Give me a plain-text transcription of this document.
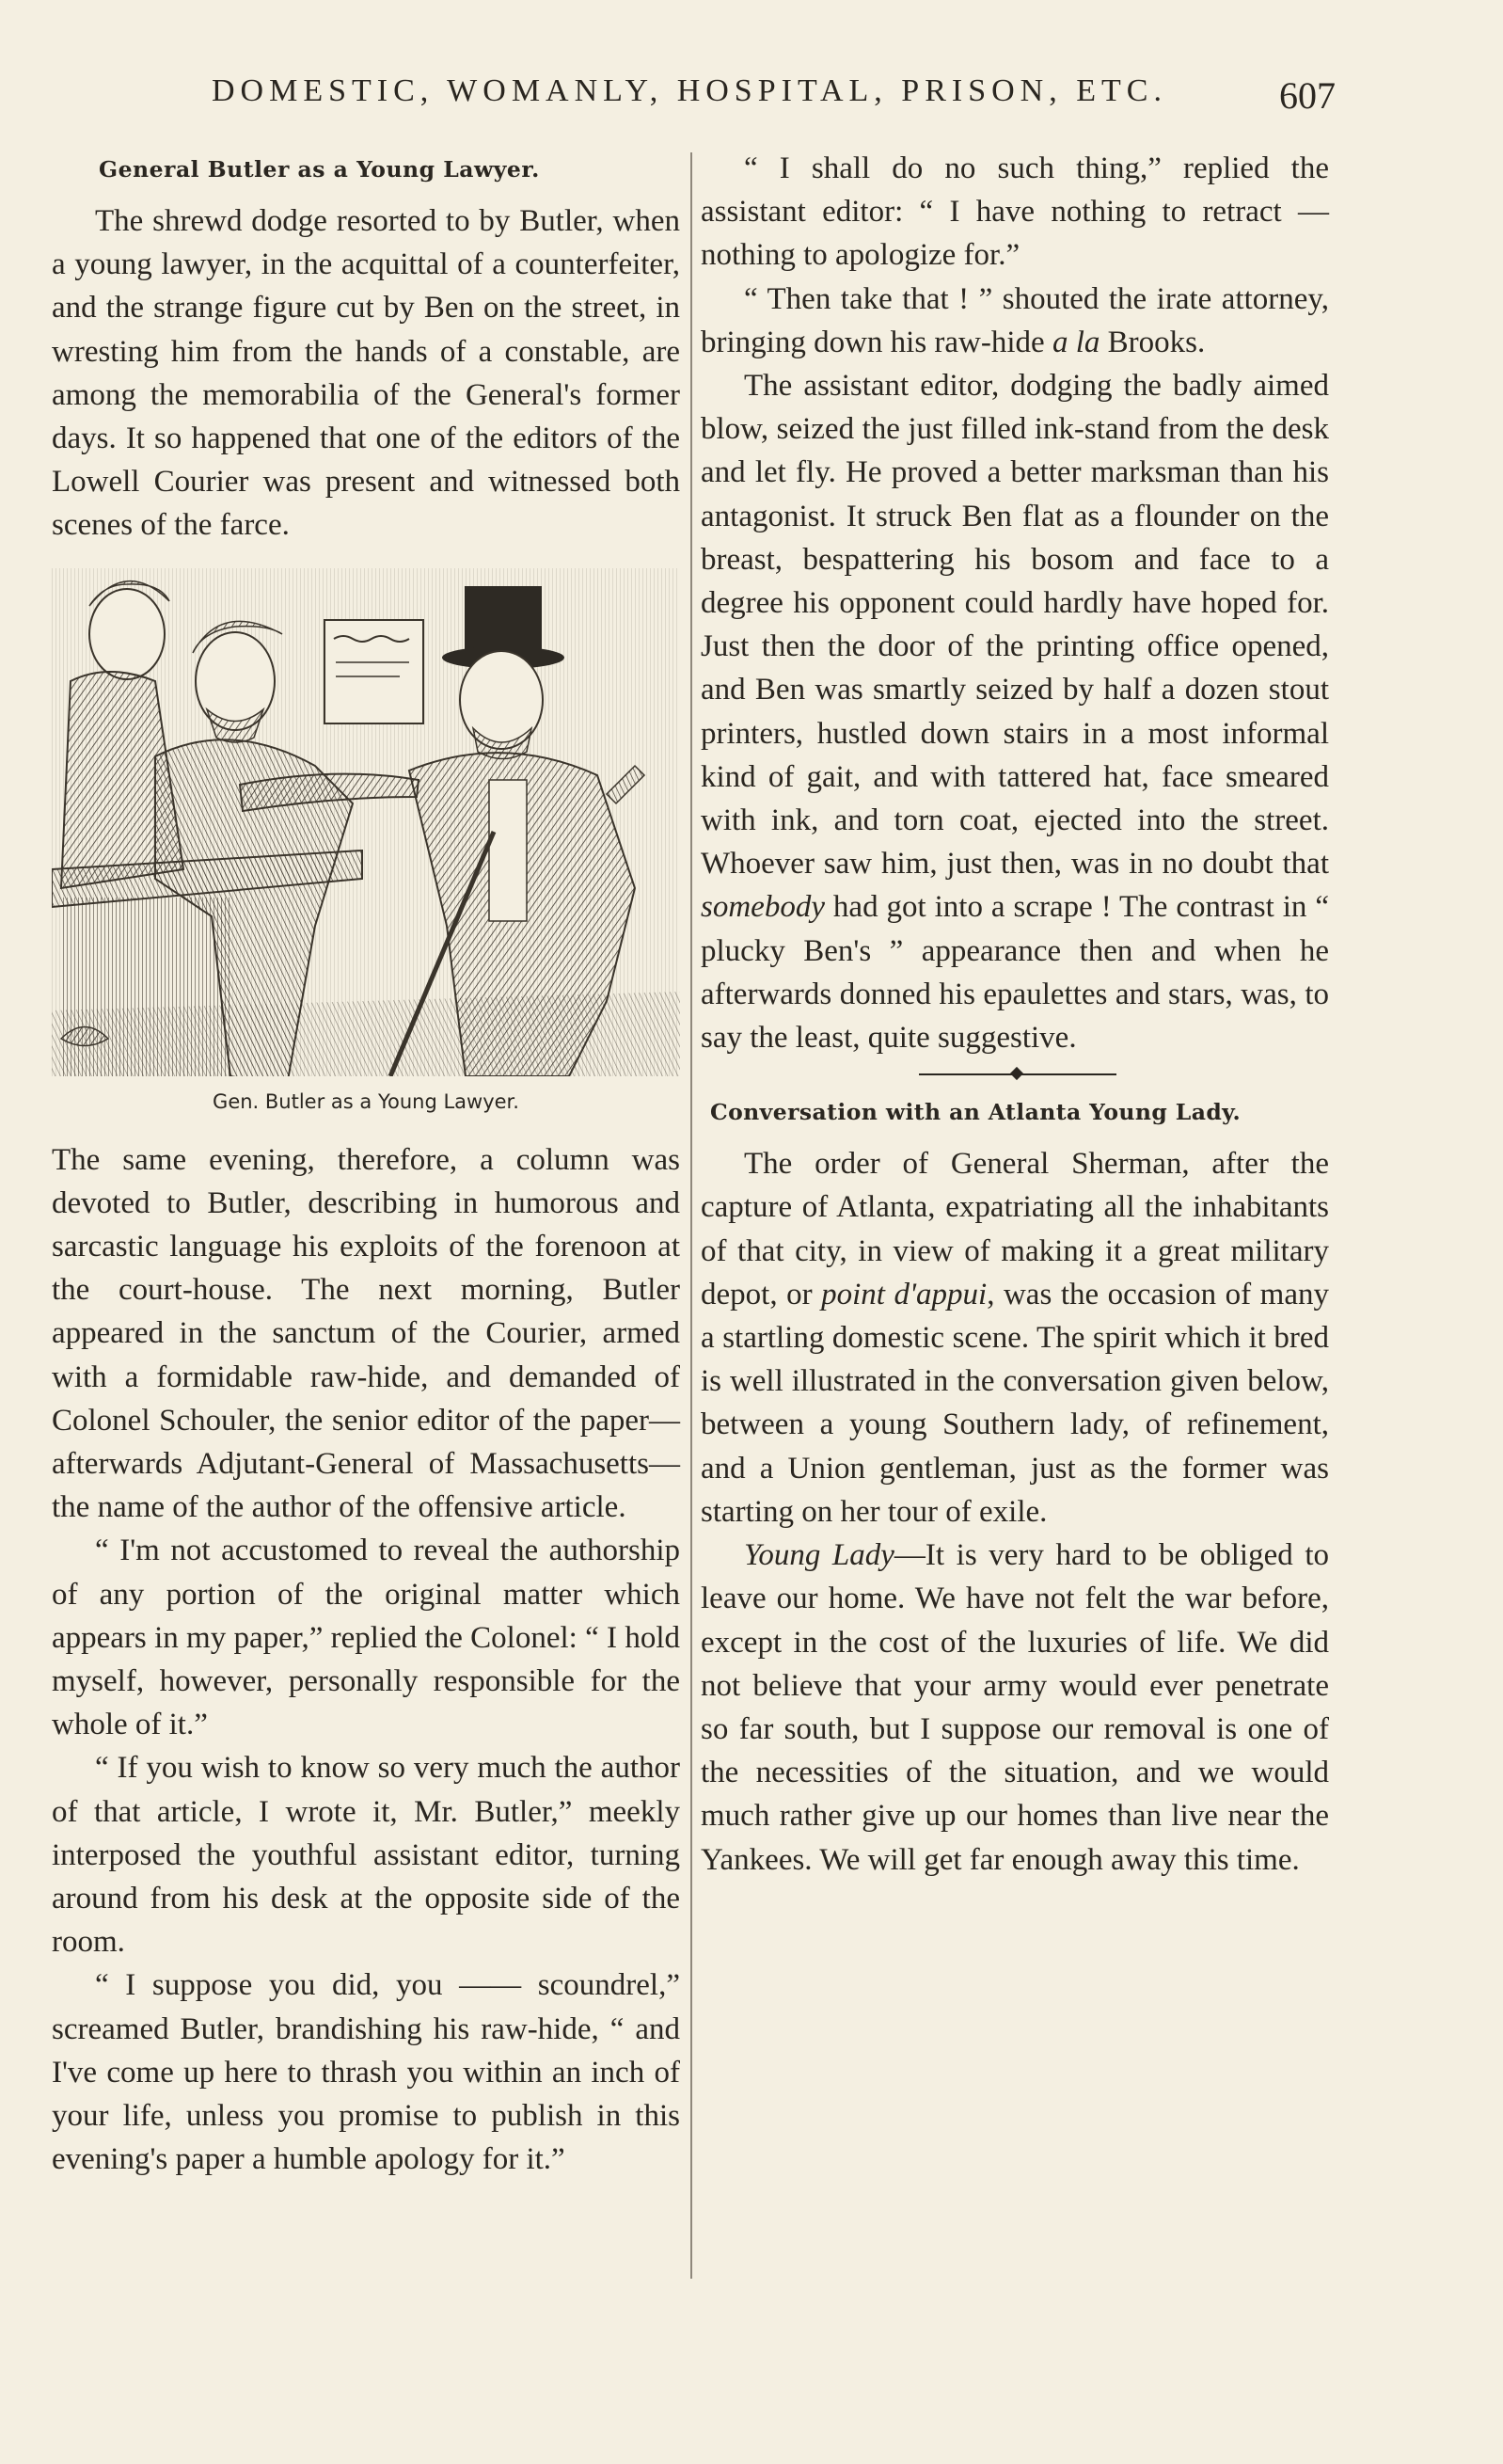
DOMESTIC, WOMANLY, HOSPITAL, PRISON, ETC.	607
General Butler as a Young Lawyer.

The shrewd dodge resorted to by Butler, when a young lawyer, in the acquittal of a counterfeiter, and the strange figure cut by Ben on the street, in wresting him from the hands of a constable, are among the memorabilia of the General's former days. It so happened that one of the editors of the Lowell Courier was present and witnessed both scenes of the farce.

Gen. Butler as a Young Lawyer.

The same evening, therefore, a column was devoted to Butler, describing in humorous and sarcastic language his exploits of the forenoon at the court-house. The next morning, Butler appeared in the sanctum of the Courier, armed with a formidable raw-hide, and demanded of Colonel Schouler, the senior editor of the paper—afterwards Adjutant-General of Massachusetts—the name of the author of the offensive article.

“ I'm not accustomed to reveal the authorship of any portion of the original matter which appears in my paper,” replied the Colonel: “ I hold myself, however, personally responsible for the whole of it.”

“ If you wish to know so very much the author of that article, I wrote it, Mr. Butler,” meekly interposed the youthful assistant editor, turning around from his desk at the opposite side of the room.

“ I suppose you did, you —— scoundrel,” screamed Butler, brandishing his raw-hide, “ and I've come up here to thrash you within an inch of your life, unless you promise to publish in this evening's paper a humble apology for it.”

“ I shall do no such thing,” replied the assistant editor: “ I have nothing to retract —nothing to apologize for.”

“ Then take that ! ” shouted the irate attorney, bringing down his raw-hide a la Brooks.

The assistant editor, dodging the badly aimed blow, seized the just filled ink-stand from the desk and let fly. He proved a better marksman than his antagonist. It struck Ben flat as a flounder on the breast, bespattering his bosom and face to a degree his opponent could hardly have hoped for. Just then the door of the printing office opened, and Ben was smartly seized by half a dozen stout printers, hustled down stairs in a most informal kind of gait, and with tattered hat, face smeared with ink, and torn coat, ejected into the street. Whoever saw him, just then, was in no doubt that somebody had got into a scrape ! The contrast in “ plucky Ben's ” appearance then and when he afterwards donned his epaulettes and stars, was, to say the least, quite suggestive.

Conversation with an Atlanta Young Lady.

The order of General Sherman, after the capture of Atlanta, expatriating all the inhabitants of that city, in view of making it a great military depot, or point d'appui, was the occasion of many a startling domestic scene. The spirit which it bred is well illustrated in the conversation given below, between a young Southern lady, of refinement, and a Union gentleman, just as the former was starting on her tour of exile.

Young Lady—It is very hard to be obliged to leave our home. We have not felt the war before, except in the cost of the luxuries of life. We did not believe that your army would ever penetrate so far south, but I suppose our removal is one of the necessities of the situation, and we would much rather give up our homes than live near the Yankees. We will get far enough away this time.
